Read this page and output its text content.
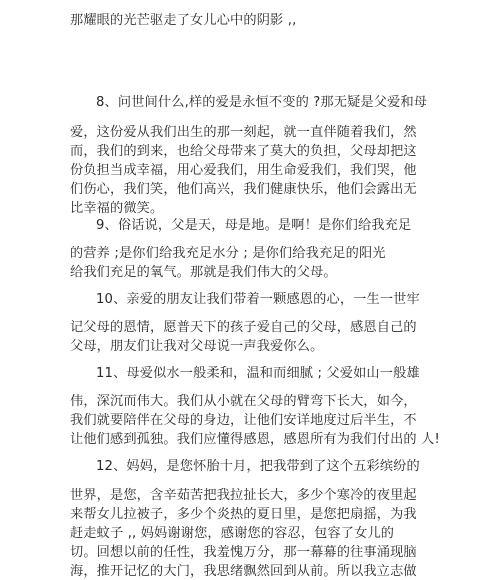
那耀眼的光芒驱走了女儿心中的阴影 ,,
8、问世间什么,样的爱是永恒不变的 ?那无疑是父爱和母
爱，这份爱从我们出生的那一刻起，就一直伴随着我们，然
而，我们的到来，也给父母带来了莫大的负担，父母却把这
份负担当成幸福，用心爱我们，用生命爱我们，我们哭，他
们伤心，我们笑，他们高兴，我们健康快乐，他们会露出无
比幸福的微笑。
9、俗话说，父是天，母是地。是啊！是你们给我充足
的营养 ;是你们给我充足水分 ; 是你们给我充足的阳光
给我们充足的氧气。那就是我们伟大的父母。
10、亲爱的朋友让我们带着一颗感恩的心，一生一世牢
记父母的恩情，愿普天下的孩子爱自己的父母，感恩自己的
父母，朋友们让我对父母说一声我爱你么。
11、母爱似水一般柔和，温和而细腻 ; 父爱如山一般雄
伟，深沉而伟大。我们从小就在父母的臂弯下长大，如今，
我们就要陪伴在父母的身边，让他们安详地度过后半生，不
让他们感到孤独。我们应懂得感恩，感恩所有为我们付出的 人!
12、妈妈，是您怀胎十月，把我带到了这个五彩缤纷的
世界，是您，含辛茹苦把我拉扯长大，多少个寒冷的夜里起
来帮女儿拉被子，多少个炎热的夏日里，是您把扇摇，为我
赶走蚊子 ,, 妈妈谢谢您，感谢您的容忍，包容了女儿的
切。回想以前的任性，我羞愧万分，那一幕幕的往事涌现脑
海，推开记忆的大门，我思绪飘然回到从前。所以我立志做
